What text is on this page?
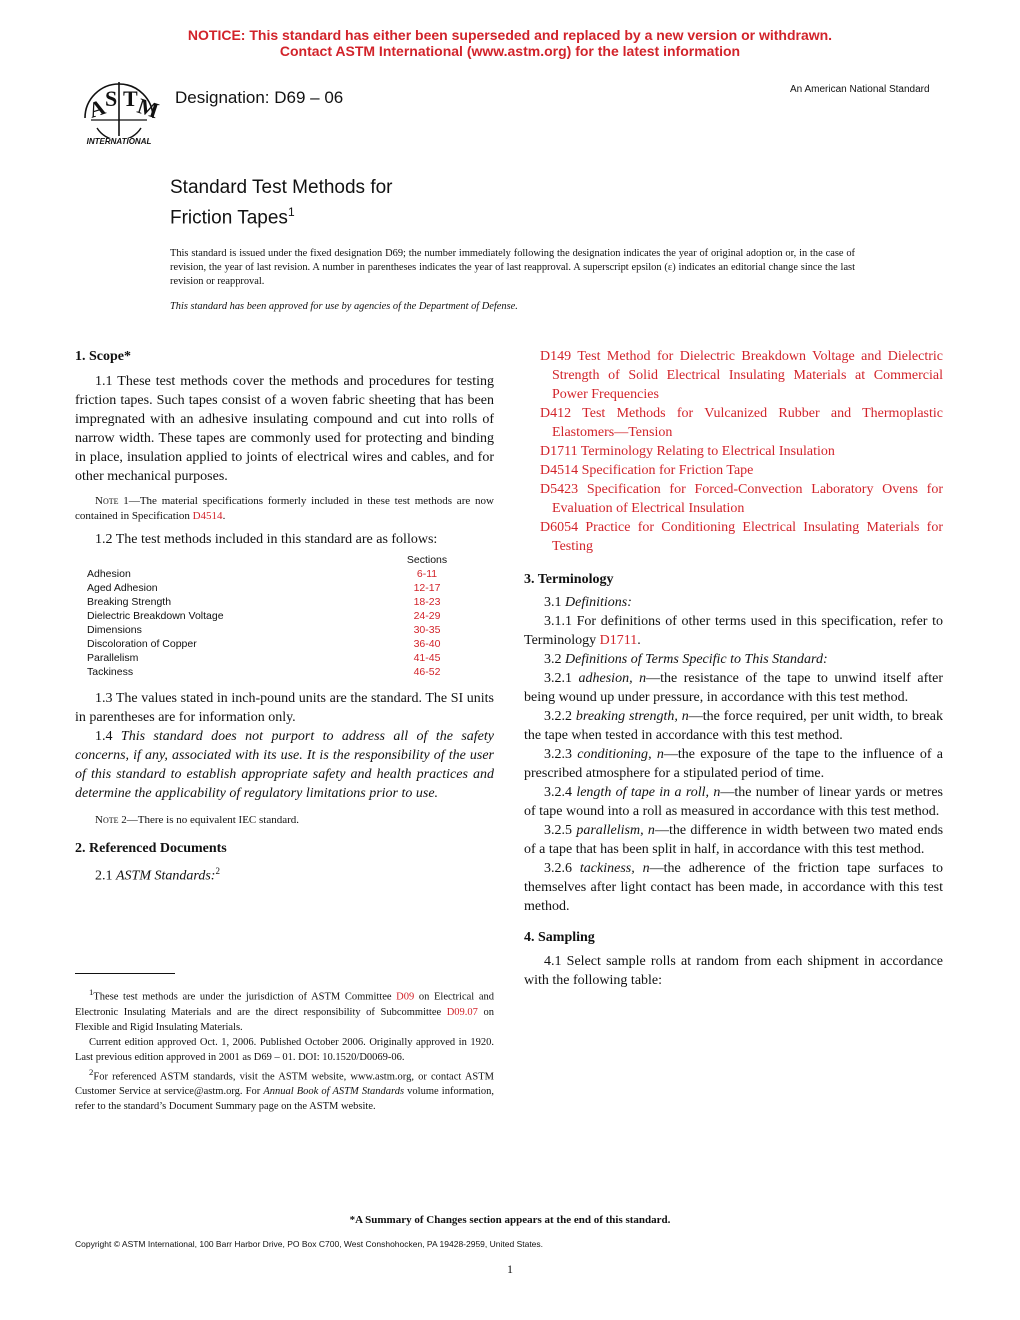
NOTICE: This standard has either been superseded and replaced by a new version or withdrawn.
Contact ASTM International (www.astm.org) for the latest information
A
S T
M
INTERNATIONAL
Designation: D69 – 06	An American National Standard
Standard Test Methods for
Friction Tapes$^1$
This standard is issued under the fixed designation D69; the number immediately following the designation indicates the year of original adoption or, in the case of revision, the year of last revision. A number in parentheses indicates the year of last reapproval. A superscript epsilon (ε) indicates an editorial change since the last revision or reapproval.
This standard has been approved for use by agencies of the Department of Defense.
1. Scope*

1.1 These test methods cover the methods and procedures for testing friction tapes. Such tapes consist of a woven fabric sheeting that has been impregnated with an adhesive insulating compound and cut into rolls of narrow width. These tapes are commonly used for protecting and binding in place, insulation applied to joints of electrical wires and cables, and for other mechanical purposes.

Note 1—The material specifications formerly included in these test methods are now contained in Specification D4514.

1.2 The test methods included in this standard are as follows:

	Sections
Adhesion	6-11
Aged Adhesion	12-17
Breaking Strength	18-23
Dielectric Breakdown Voltage	24-29
Dimensions	30-35
Discoloration of Copper	36-40
Parallelism	41-45
Tackiness	46-52

1.3 The values stated in inch-pound units are the standard. The SI units in parentheses are for information only.

1.4 This standard does not purport to address all of the safety concerns, if any, associated with its use. It is the responsibility of the user of this standard to establish appropriate safety and health practices and determine the applicability of regulatory limitations prior to use.

Note 2—There is no equivalent IEC standard.

2. Referenced Documents

2.1 ASTM Standards:$^2$

$^1$These test methods are under the jurisdiction of ASTM Committee D09 on Electrical and Electronic Insulating Materials and are the direct responsibility of Subcommittee D09.07 on Flexible and Rigid Insulating Materials.

Current edition approved Oct. 1, 2006. Published October 2006. Originally approved in 1920. Last previous edition approved in 2001 as D69 – 01. DOI: 10.1520/D0069-06.

$^2$For referenced ASTM standards, visit the ASTM website, www.astm.org, or contact ASTM Customer Service at service@astm.org. For Annual Book of ASTM Standards volume information, refer to the standard’s Document Summary page on the ASTM website.

D149 Test Method for Dielectric Breakdown Voltage and Dielectric Strength of Solid Electrical Insulating Materials at Commercial Power Frequencies

D412 Test Methods for Vulcanized Rubber and Thermoplastic Elastomers—Tension

D1711 Terminology Relating to Electrical Insulation

D4514 Specification for Friction Tape

D5423 Specification for Forced-Convection Laboratory Ovens for Evaluation of Electrical Insulation

D6054 Practice for Conditioning Electrical Insulating Materials for Testing

3. Terminology

3.1 Definitions:

3.1.1 For definitions of other terms used in this specification, refer to Terminology D1711.

3.2 Definitions of Terms Specific to This Standard:

3.2.1 adhesion, n—the resistance of the tape to unwind itself after being wound up under pressure, in accordance with this test method.

3.2.2 breaking strength, n—the force required, per unit width, to break the tape when tested in accordance with this test method.

3.2.3 conditioning, n—the exposure of the tape to the influence of a prescribed atmosphere for a stipulated period of time.

3.2.4 length of tape in a roll, n—the number of linear yards or metres of tape wound into a roll as measured in accordance with this test method.

3.2.5 parallelism, n—the difference in width between two mated ends of a tape that has been split in half, in accordance with this test method.

3.2.6 tackiness, n—the adherence of the friction tape surfaces to themselves after light contact has been made, in accordance with this test method.

4. Sampling

4.1 Select sample rolls at random from each shipment in accordance with the following table:

*A Summary of Changes section appears at the end of this standard.
Copyright © ASTM International, 100 Barr Harbor Drive, PO Box C700, West Conshohocken, PA 19428-2959, United States.
1
